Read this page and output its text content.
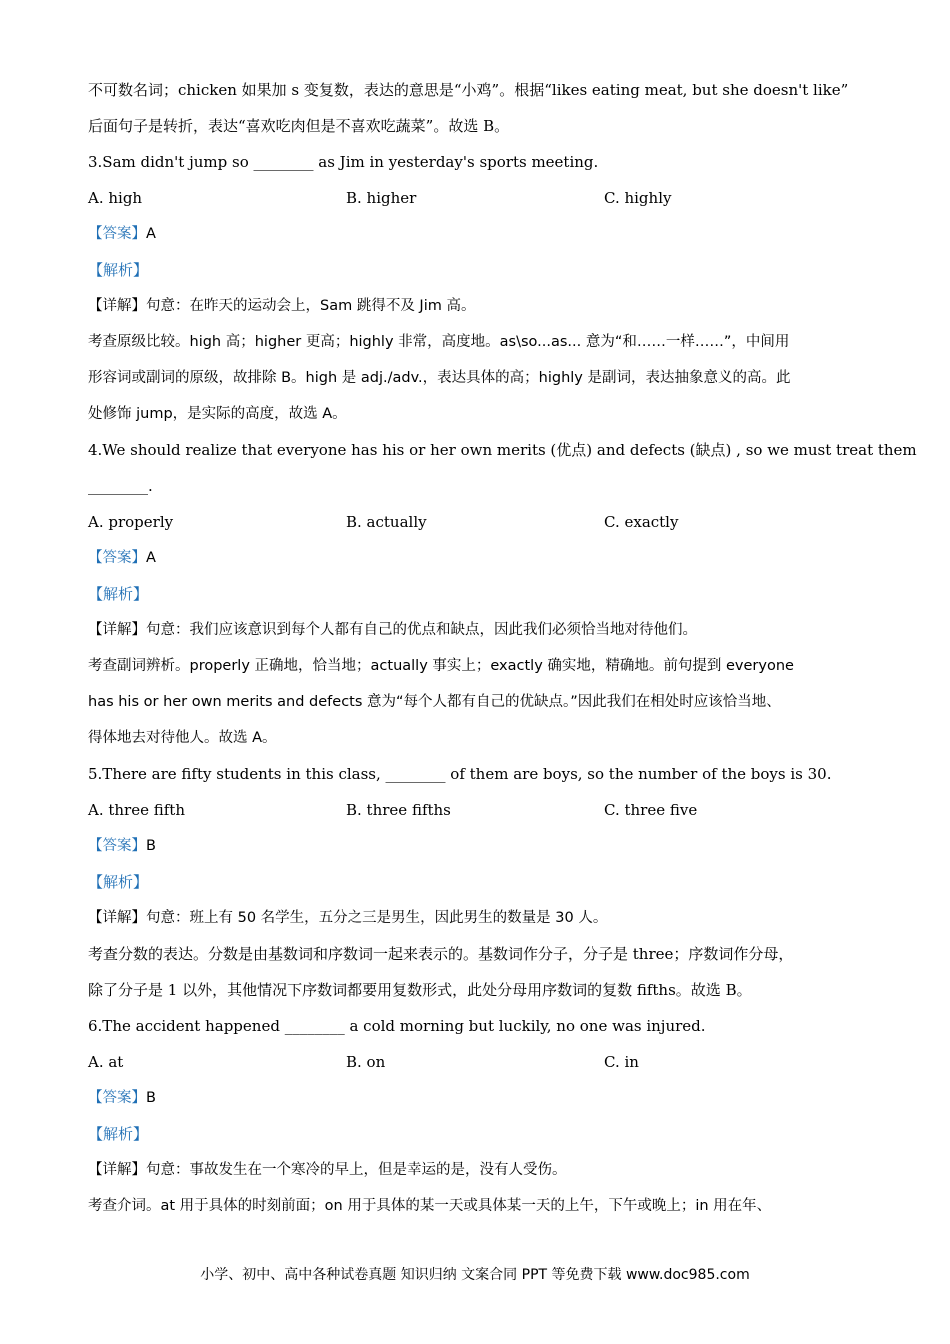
不可数名词；chicken 如果加 s 变复数，表达的意思是“小鸡”。根据“likes eating meat, but she doesn't like”
后面句子是转折，表达“喜欢吃肉但是不喜欢吃蔬菜”。故选 B。
3.Sam didn't jump so ________ as Jim in yesterday's sports meeting.
A. high	B. higher	C. highly
【答案】A
【解析】
【详解】句意：在昨天的运动会上，Sam 跳得不及 Jim 高。
考查原级比较。high 高；higher 更高；highly 非常，高度地。as\so...as... 意为“和……一样……”，中间用
形容词或副词的原级，故排除 B。high 是 adj./adv.，表达具体的高；highly 是副词，表达抽象意义的高。此
处修饰 jump，是实际的高度，故选 A。
4.We should realize that everyone has his or her own merits (优点) and defects (缺点) , so we must treat them
________.
A. properly	B. actually	C. exactly
【答案】A
【解析】
【详解】句意：我们应该意识到每个人都有自己的优点和缺点，因此我们必须恰当地对待他们。
考查副词辨析。properly 正确地，恰当地；actually 事实上；exactly 确实地，精确地。前句提到 everyone
has his or her own merits and defects 意为“每个人都有自己的优缺点。”因此我们在相处时应该恰当地、
得体地去对待他人。故选 A。
5.There are fifty students in this class, ________ of them are boys, so the number of the boys is 30.
A. three fifth	B. three fifths	C. three five
【答案】B
【解析】
【详解】句意：班上有 50 名学生，五分之三是男生，因此男生的数量是 30 人。
考查分数的表达。分数是由基数词和序数词一起来表示的。基数词作分子，分子是 three；序数词作分母，
除了分子是 1 以外，其他情况下序数词都要用复数形式，此处分母用序数词的复数 fifths。故选 B。
6.The accident happened ________ a cold morning but luckily, no one was injured.
A. at	B. on	C. in
【答案】B
【解析】
【详解】句意：事故发生在一个寒冷的早上，但是幸运的是，没有人受伤。
考查介词。at 用于具体的时刻前面；on 用于具体的某一天或具体某一天的上午，下午或晚上；in 用在年、
小学、初中、高中各种试卷真题 知识归纳 文案合同 PPT 等免费下载 www.doc985.com
